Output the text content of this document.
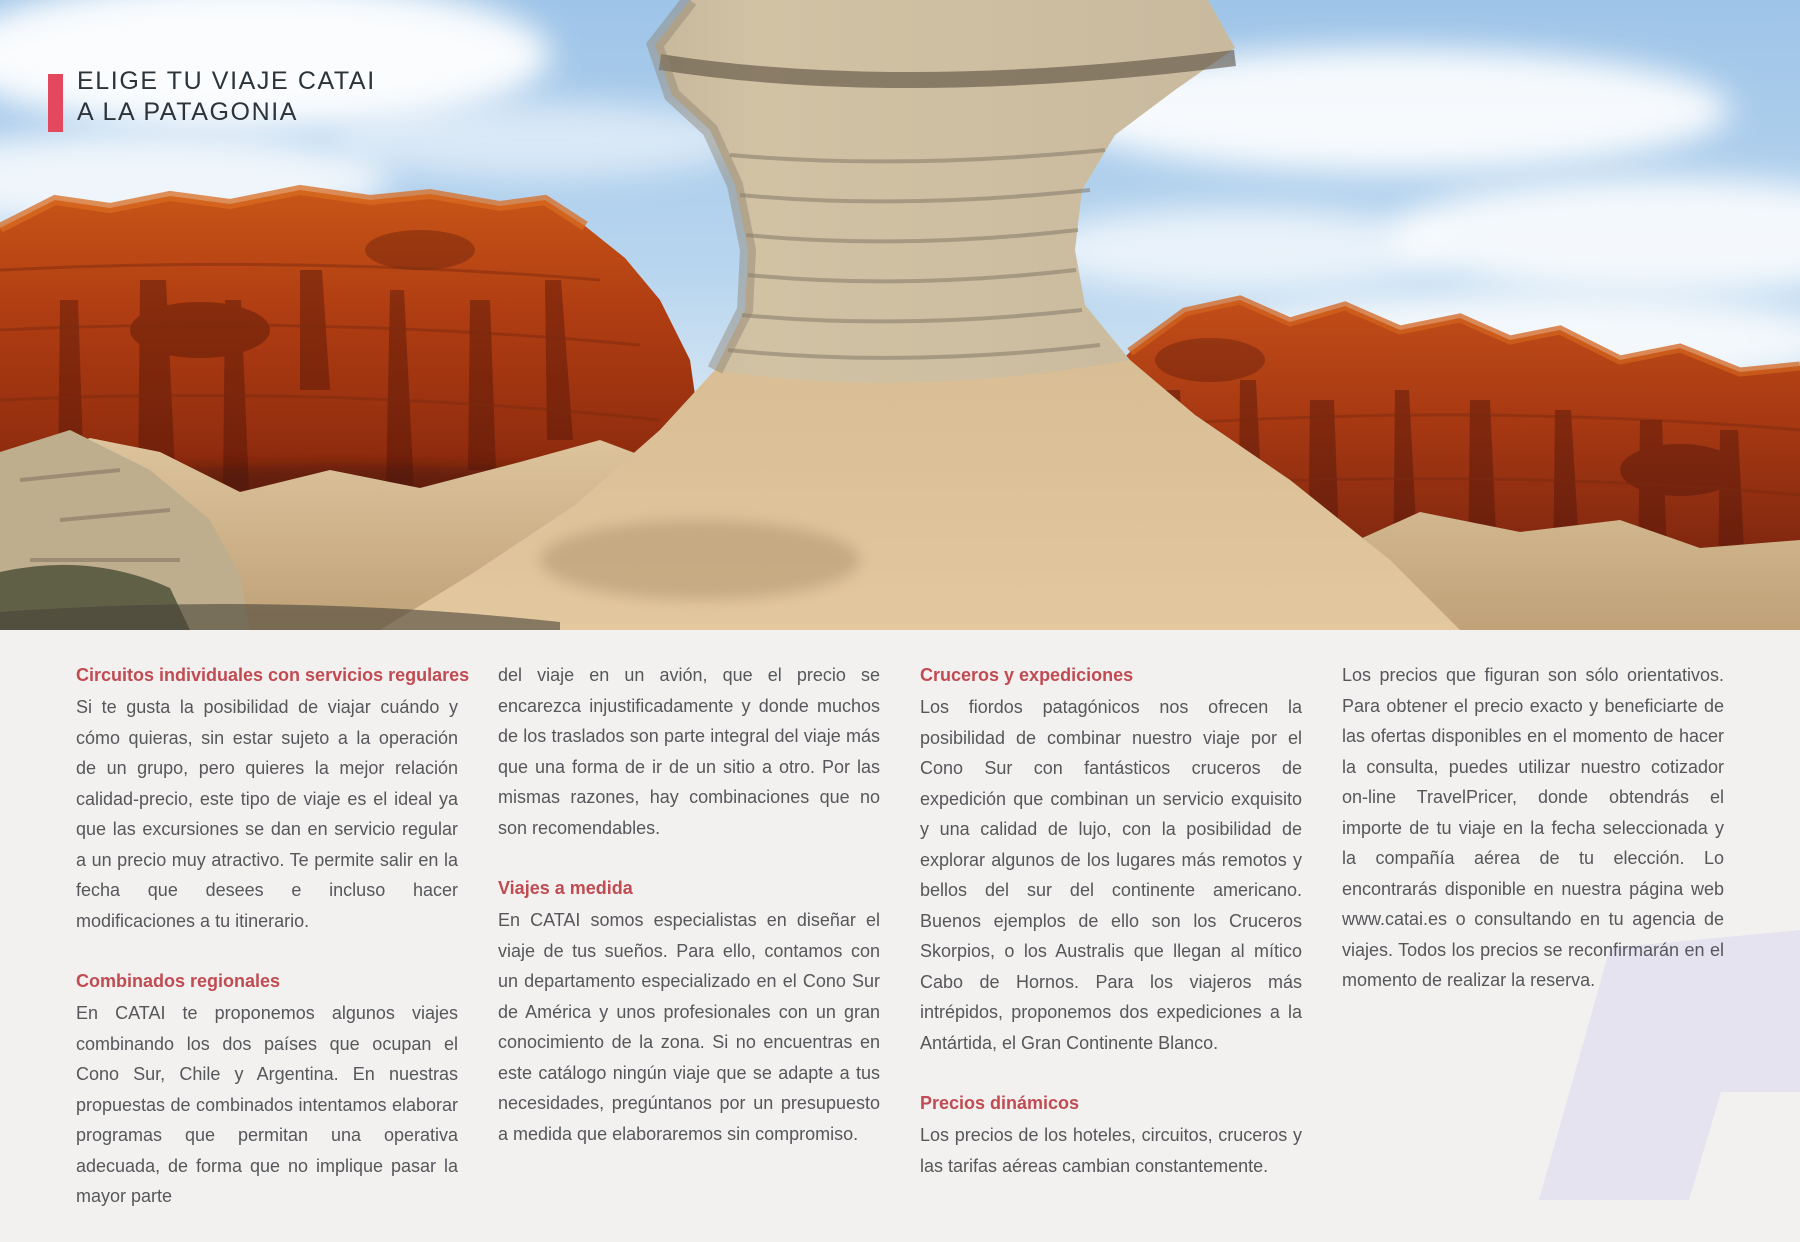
ELIGE TU VIAJE CATAI
A LA PATAGONIA
Circuitos individuales con servicios regulares

Si te gusta la posibilidad de viajar cuándo y cómo quieras, sin estar sujeto a la operación de un grupo, pero quieres la mejor relación calidad-precio, este tipo de viaje es el ideal ya que las excursiones se dan en servicio regular a un precio muy atractivo. Te permite salir en la fecha que desees e incluso hacer modificaciones a tu itinerario.

Combinados regionales

En CATAI te proponemos algunos viajes combinando los dos países que ocupan el Cono Sur, Chile y Argentina. En nuestras propuestas de combinados intentamos elaborar programas que permitan una operativa adecuada, de forma que no implique pasar la mayor parte

del viaje en un avión, que el precio se encarezca injustificadamente y donde muchos de los traslados son parte integral del viaje más que una forma de ir de un sitio a otro. Por las mismas razones, hay combinaciones que no son recomendables.

Viajes a medida

En CATAI somos especialistas en diseñar el viaje de tus sueños. Para ello, contamos con un departamento especializado en el Cono Sur de América y unos profesionales con un gran conocimiento de la zona. Si no encuentras en este catálogo ningún viaje que se adapte a tus necesidades, pregúntanos por un presupuesto a medida que elaboraremos sin compromiso.

Cruceros y expediciones

Los fiordos patagónicos nos ofrecen la posibilidad de combinar nuestro viaje por el Cono Sur con fantásticos cruceros de expedición que combinan un servicio exquisito y una calidad de lujo, con la posibilidad de explorar algunos de los lugares más remotos y bellos del sur del continente americano. Buenos ejemplos de ello son los Cruceros Skorpios, o los Australis que llegan al mítico Cabo de Hornos. Para los viajeros más intrépidos, proponemos dos expediciones a la Antártida, el Gran Continente Blanco.

Precios dinámicos

Los precios de los hoteles, circuitos, cruceros y las tarifas aéreas cambian constantemente.

Los precios que figuran son sólo orientativos. Para obtener el precio exacto y beneficiarte de las ofertas disponibles en el momento de hacer la consulta, puedes utilizar nuestro cotizador on-line TravelPricer, donde obtendrás el importe de tu viaje en la fecha seleccionada y la compañía aérea de tu elección. Lo encontrarás disponible en nuestra página web www.catai.es o consultando en tu agencia de viajes. Todos los precios se reconfirmarán en el momento de realizar la reserva.
